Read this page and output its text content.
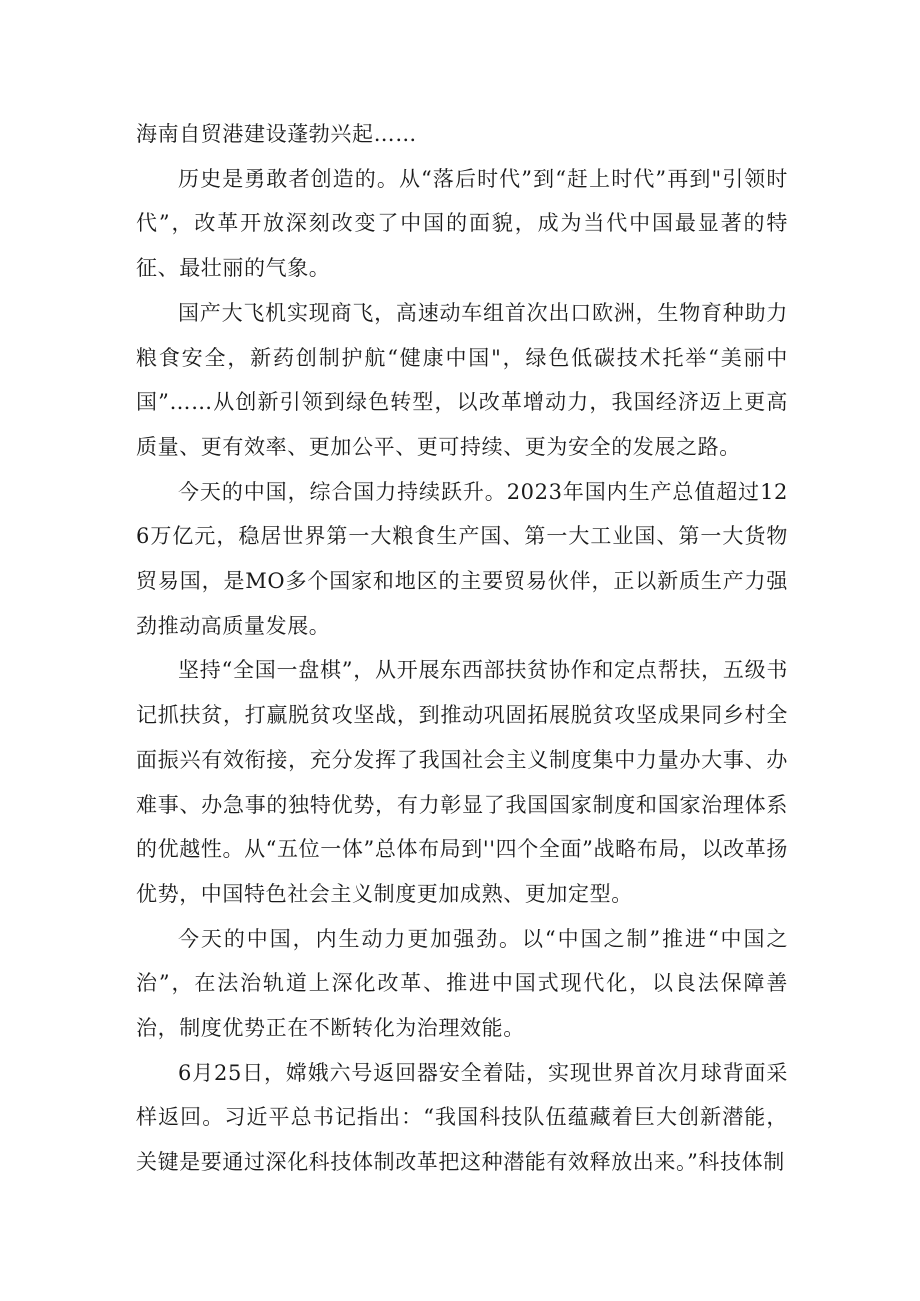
海南自贸港建设蓬勃兴起……

历史是勇敢者创造的。从“落后时代”到“赶上时代”再到"引领时代”，改革开放深刻改变了中国的面貌，成为当代中国最显著的特征、最壮丽的气象。

国产大飞机实现商飞，高速动车组首次出口欧洲，生物育种助力粮食安全，新药创制护航“健康中国"，绿色低碳技术托举“美丽中国”……从创新引领到绿色转型，以改革增动力，我国经济迈上更高质量、更有效率、更加公平、更可持续、更为安全的发展之路。

今天的中国，综合国力持续跃升。2023年国内生产总值超过126万亿元，稳居世界第一大粮食生产国、第一大工业国、第一大货物贸易国，是MO多个国家和地区的主要贸易伙伴，正以新质生产力强劲推动高质量发展。

坚持“全国一盘棋”，从开展东西部扶贫协作和定点帮扶，五级书记抓扶贫，打赢脱贫攻坚战，到推动巩固拓展脱贫攻坚成果同乡村全面振兴有效衔接，充分发挥了我国社会主义制度集中力量办大事、办难事、办急事的独特优势，有力彰显了我国国家制度和国家治理体系的优越性。从“五位一体”总体布局到''四个全面”战略布局，以改革扬优势，中国特色社会主义制度更加成熟、更加定型。

今天的中国，内生动力更加强劲。以“中国之制”推进“中国之治”，在法治轨道上深化改革、推进中国式现代化，以良法保障善治，制度优势正在不断转化为治理效能。

6月25日，嫦娥六号返回器安全着陆，实现世界首次月球背面采样返回。习近平总书记指出：“我国科技队伍蕴藏着巨大创新潜能，关键是要通过深化科技体制改革把这种潜能有效释放出来。”科技体制
